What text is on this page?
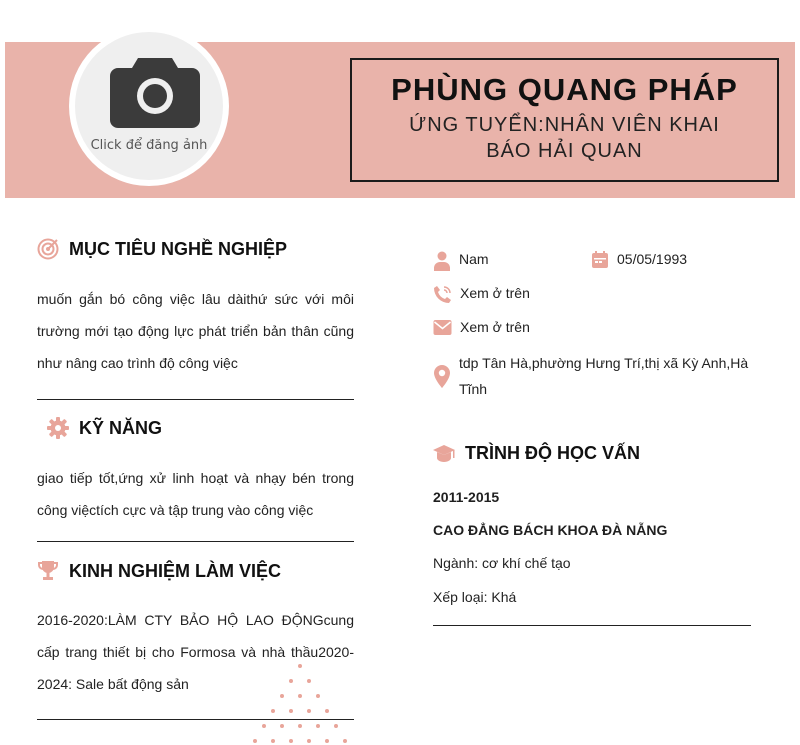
Click để đăng ảnh
PHÙNG QUANG PHÁP
ỨNG TUYỂN:NHÂN VIÊN KHAI BÁO HẢI QUAN
MỤC TIÊU NGHỀ NGHIỆP
muốn gắn bó công việc lâu dàithứ sức với môi trường mới tạo động lực phát triển bản thân cũng như nâng cao trình độ công việc
KỸ NĂNG
giao tiếp tốt,ứng xử linh hoạt và nhạy bén trong công việctích cực và tập trung vào công việc
KINH NGHIỆM LÀM VIỆC
2016-2020:LÀM CTY BẢO HỘ LAO ĐỘNGcung cấp trang thiết bị cho Formosa và nhà thầu2020-2024: Sale bất động sản
Nam	05/05/1993
Xem ở trên
Xem ở trên
tdp Tân Hà,phường Hưng Trí,thị xã Kỳ Anh,Hà Tĩnh
TRÌNH ĐỘ HỌC VẤN
2011-2015
CAO ĐẲNG BÁCH KHOA ĐÀ NẴNG
Ngành: cơ khí chế tạo
Xếp loại: Khá
